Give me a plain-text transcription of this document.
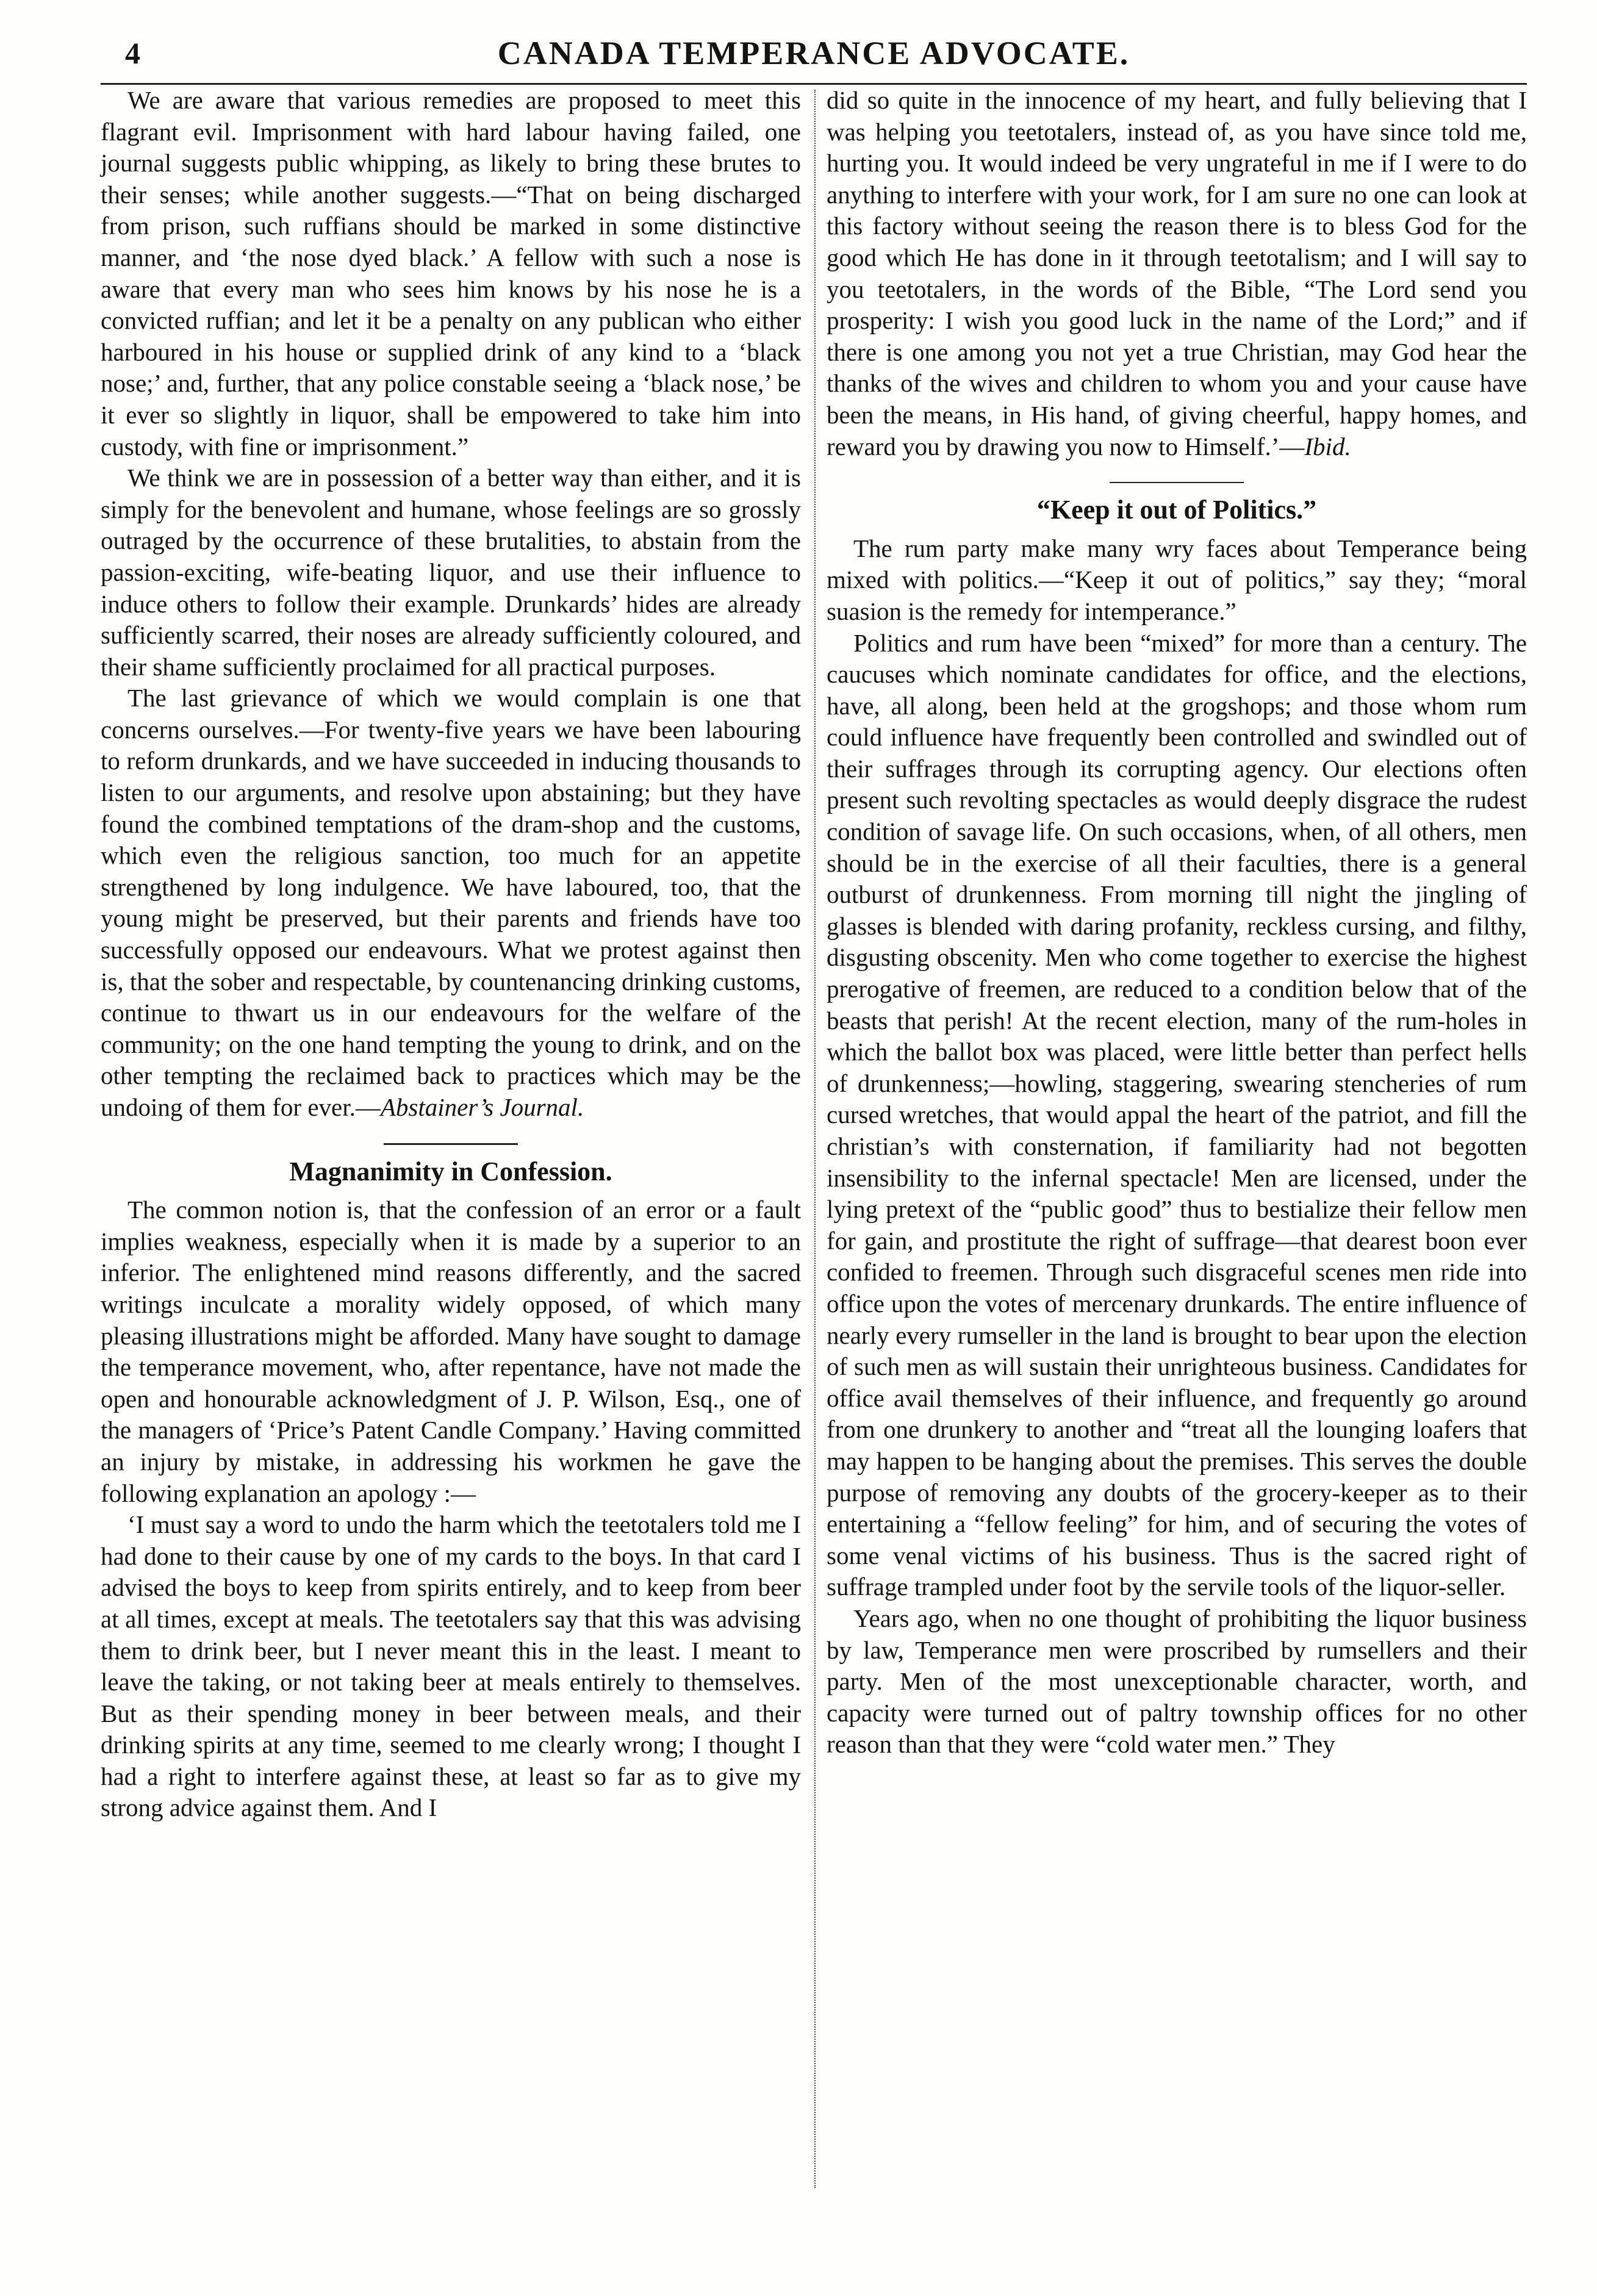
4	CANADA TEMPERANCE ADVOCATE.

We are aware that various remedies are proposed to meet this flagrant evil. Imprisonment with hard labour having failed, one journal suggests public whipping, as likely to bring these brutes to their senses; while another suggests.—“That on being discharged from prison, such ruffians should be marked in some distinctive manner, and ‘the nose dyed black.’ A fellow with such a nose is aware that every man who sees him knows by his nose he is a convicted ruffian; and let it be a penalty on any publican who either harboured in his house or supplied drink of any kind to a ‘black nose;’ and, further, that any police constable seeing a ‘black nose,’ be it ever so slightly in liquor, shall be empowered to take him into custody, with fine or imprisonment.”

We think we are in possession of a better way than either, and it is simply for the benevolent and humane, whose feelings are so grossly outraged by the occurrence of these brutalities, to abstain from the passion-exciting, wife-beating liquor, and use their influence to induce others to follow their example. Drunkards’ hides are already sufficiently scarred, their noses are already sufficiently coloured, and their shame sufficiently proclaimed for all practical purposes.

The last grievance of which we would complain is one that concerns ourselves.—For twenty-five years we have been labouring to reform drunkards, and we have succeeded in inducing thousands to listen to our arguments, and resolve upon abstaining; but they have found the combined temptations of the dram-shop and the customs, which even the religious sanction, too much for an appetite strengthened by long indulgence. We have laboured, too, that the young might be preserved, but their parents and friends have too successfully opposed our endeavours. What we protest against then is, that the sober and respectable, by countenancing drinking customs, continue to thwart us in our endeavours for the welfare of the community; on the one hand tempting the young to drink, and on the other tempting the reclaimed back to practices which may be the undoing of them for ever.—Abstainer’s Journal.

Magnanimity in Confession.

The common notion is, that the confession of an error or a fault implies weakness, especially when it is made by a superior to an inferior. The enlightened mind reasons differently, and the sacred writings inculcate a morality widely opposed, of which many pleasing illustrations might be afforded. Many have sought to damage the temperance movement, who, after repentance, have not made the open and honourable acknowledgment of J. P. Wilson, Esq., one of the managers of ‘Price’s Patent Candle Company.’ Having committed an injury by mistake, in addressing his workmen he gave the following explanation an apology :—

‘I must say a word to undo the harm which the teetotalers told me I had done to their cause by one of my cards to the boys. In that card I advised the boys to keep from spirits entirely, and to keep from beer at all times, except at meals. The teetotalers say that this was advising them to drink beer, but I never meant this in the least. I meant to leave the taking, or not taking beer at meals entirely to themselves. But as their spending money in beer between meals, and their drinking spirits at any time, seemed to me clearly wrong; I thought I had a right to interfere against these, at least so far as to give my strong advice against them. And I

did so quite in the innocence of my heart, and fully believing that I was helping you teetotalers, instead of, as you have since told me, hurting you. It would indeed be very ungrateful in me if I were to do anything to interfere with your work, for I am sure no one can look at this factory without seeing the reason there is to bless God for the good which He has done in it through teetotalism; and I will say to you teetotalers, in the words of the Bible, “The Lord send you prosperity: I wish you good luck in the name of the Lord;” and if there is one among you not yet a true Christian, may God hear the thanks of the wives and children to whom you and your cause have been the means, in His hand, of giving cheerful, happy homes, and reward you by drawing you now to Himself.’—Ibid.

“Keep it out of Politics.”

The rum party make many wry faces about Temperance being mixed with politics.—“Keep it out of politics,” say they; “moral suasion is the remedy for intemperance.”

Politics and rum have been “mixed” for more than a century. The caucuses which nominate candidates for office, and the elections, have, all along, been held at the grogshops; and those whom rum could influence have frequently been controlled and swindled out of their suffrages through its corrupting agency. Our elections often present such revolting spectacles as would deeply disgrace the rudest condition of savage life. On such occasions, when, of all others, men should be in the exercise of all their faculties, there is a general outburst of drunkenness. From morning till night the jingling of glasses is blended with daring profanity, reckless cursing, and filthy, disgusting obscenity. Men who come together to exercise the highest prerogative of freemen, are reduced to a condition below that of the beasts that perish! At the recent election, many of the rum-holes in which the ballot box was placed, were little better than perfect hells of drunkenness;—howling, staggering, swearing stencheries of rum cursed wretches, that would appal the heart of the patriot, and fill the christian’s with consternation, if familiarity had not begotten insensibility to the infernal spectacle! Men are licensed, under the lying pretext of the “public good” thus to bestialize their fellow men for gain, and prostitute the right of suffrage—that dearest boon ever confided to freemen. Through such disgraceful scenes men ride into office upon the votes of mercenary drunkards. The entire influence of nearly every rumseller in the land is brought to bear upon the election of such men as will sustain their unrighteous business. Candidates for office avail themselves of their influence, and frequently go around from one drunkery to another and “treat all the lounging loafers that may happen to be hanging about the premises. This serves the double purpose of removing any doubts of the grocery-keeper as to their entertaining a “fellow feeling” for him, and of securing the votes of some venal victims of his business. Thus is the sacred right of suffrage trampled under foot by the servile tools of the liquor-seller.

Years ago, when no one thought of prohibiting the liquor business by law, Temperance men were proscribed by rumsellers and their party. Men of the most unexceptionable character, worth, and capacity were turned out of paltry township offices for no other reason than that they were “cold water men.” They
